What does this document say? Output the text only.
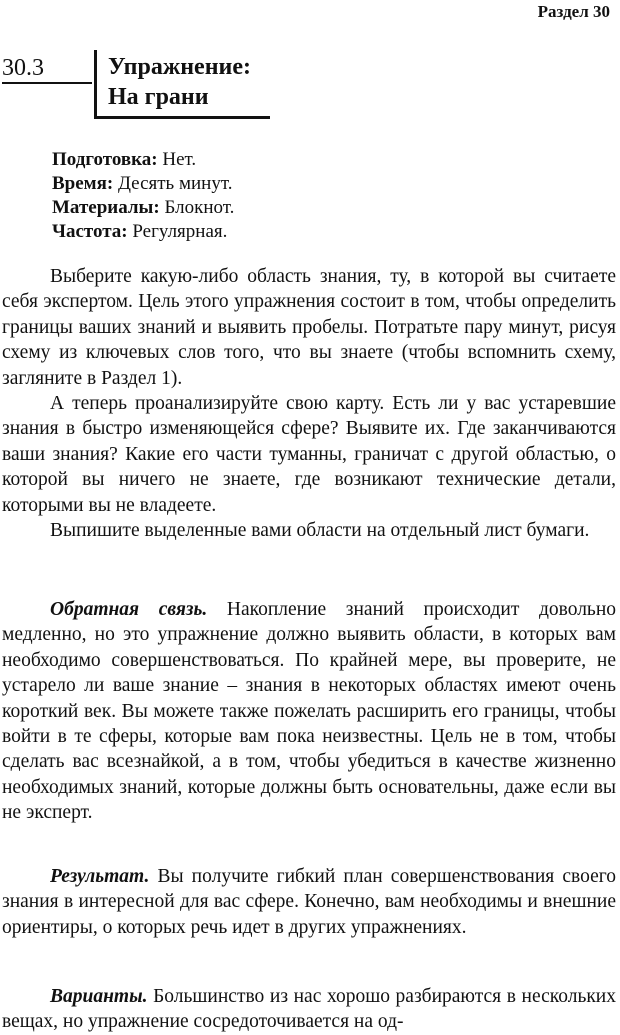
Раздел 30
30.3	Упражнение:
На грани
Подготовка: Нет.
Время: Десять минут.
Материалы: Блокнот.
Частота: Регулярная.

Выберите какую-либо область знания, ту, в которой вы считаете себя экспертом. Цель этого упражнения состоит в том, чтобы определить границы ваших знаний и выявить пробелы. Потратьте пару минут, рисуя схему из ключевых слов того, что вы знаете (чтобы вспомнить схему, загляните в Раздел 1).

А теперь проанализируйте свою карту. Есть ли у вас устаревшие знания в быстро изменяющейся сфере? Выявите их. Где заканчиваются ваши знания? Какие его части туманны, граничат с другой областью, о которой вы ничего не знаете, где возникают технические детали, которыми вы не владеете.

Выпишите выделенные вами области на отдельный лист бумаги.

Обратная связь. Накопление знаний происходит довольно медленно, но это упражнение должно выявить области, в которых вам необходимо совершенствоваться. По крайней мере, вы проверите, не устарело ли ваше знание – знания в некоторых областях имеют очень короткий век. Вы можете также пожелать расширить его границы, чтобы войти в те сферы, которые вам пока неизвестны. Цель не в том, чтобы сделать вас всезнайкой, а в том, чтобы убедиться в качестве жизненно необходимых знаний, которые должны быть основательны, даже если вы не эксперт.

Результат. Вы получите гибкий план совершенствования своего знания в интересной для вас сфере. Конечно, вам необходимы и внешние ориентиры, о которых речь идет в других упражнениях.

Варианты. Большинство из нас хорошо разбираются в нескольких вещах, но упражнение сосредоточивается на од-
